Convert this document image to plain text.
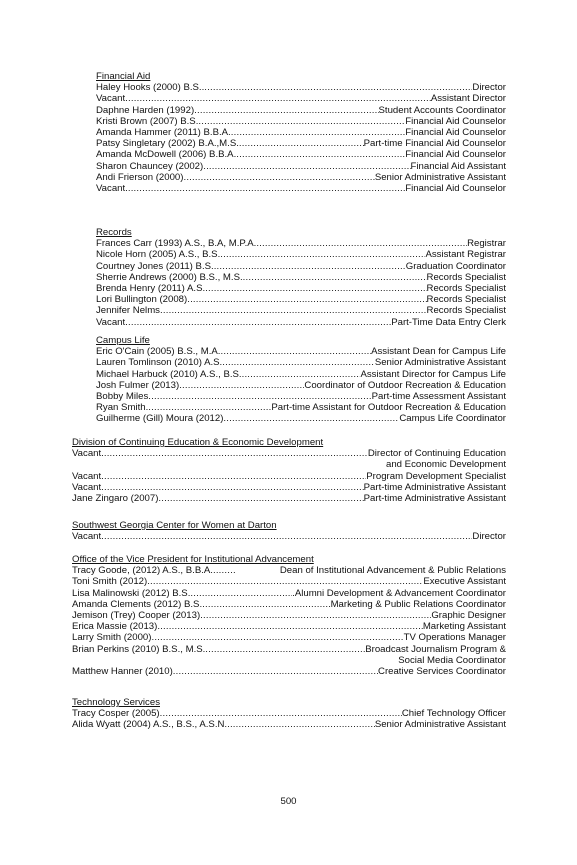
Financial Aid
Haley Hooks (2000) B.S.. .....	Director
Vacant .....	Assistant Director
Daphne Harden (1992) .....	Student Accounts Coordinator
Kristi Brown (2007) B.S. .....	Financial Aid Counselor
Amanda Hammer (2011) B.B.A. .....	Financial Aid Counselor
Patsy Singletary (2002) B.A.,M.S. .....	Part-time Financial Aid Counselor
Amanda McDowell (2006) B.B.A. .....	Financial Aid Counselor
Sharon Chauncey (2002) .....	Financial Aid Assistant
Andi Frierson (2000) .....	Senior Administrative Assistant
Vacant. .....	Financial Aid Counselor
Records
Frances Carr (1993) A.S., B.A, M.P.A. .....	Registrar
Nicole Horn (2005) A.S., B.S. .....	Assistant Registrar
Courtney Jones (2011) B.S. .....	Graduation Coordinator
Sherrie Andrews (2000) B.S., M.S. .....	Records Specialist
Brenda Henry (2011) A.S. .....	Records Specialist
Lori Bullington (2008) .....	Records Specialist
Jennifer Nelms .....	Records Specialist
Vacant .....	Part-Time Data Entry Clerk
Campus Life
Eric O'Cain (2005) B.S., M.A. .....	Assistant Dean for Campus Life
Lauren Tomlinson (2010) A.S. .....	Senior Administrative Assistant
Michael Harbuck (2010) A.S., B.S. .....	Assistant Director for Campus Life
Josh Fulmer (2013) .....	Coordinator of Outdoor Recreation & Education
Bobby Miles .....	Part-time Assessment Assistant
Ryan Smith. .....	Part-time Assistant for Outdoor Recreation & Education
Guilherme (Gill) Moura (2012) .....	Campus Life Coordinator
Division of Continuing Education & Economic Development
Vacant. .....	Director of Continuing Education
and Economic Development
Vacant .....	Program Development Specialist
Vacant .....	Part-time Administrative Assistant
Jane Zingaro (2007) .....	Part-time Administrative Assistant
Southwest Georgia Center for Women at Darton
Vacant .....	Director
Office of the Vice President for Institutional Advancement
Tracy Goode, (2012) A.S., B.B.A. .....	Dean of Institutional Advancement & Public Relations
Toni Smith (2012) .....	Executive Assistant
Lisa Malinowski (2012) B.S. .....	.Alumni Development & Advancement Coordinator
Amanda Clements (2012) B.S. .....	Marketing & Public Relations Coordinator
Jemison (Trey) Cooper (2013) .....	Graphic Designer
Erica Massie (2013) .....	Marketing Assistant
Larry Smith (2000) .....	TV Operations Manager
Brian Perkins (2010) B.S., M.S. .....	Broadcast Journalism Program &
Social Media Coordinator
Matthew Hanner (2010) .....	Creative Services Coordinator
Technology Services
Tracy Cosper (2005) .....	Chief Technology Officer
Alida Wyatt (2004) A.S., B.S., A.S.N. .....	Senior Administrative Assistant
500
